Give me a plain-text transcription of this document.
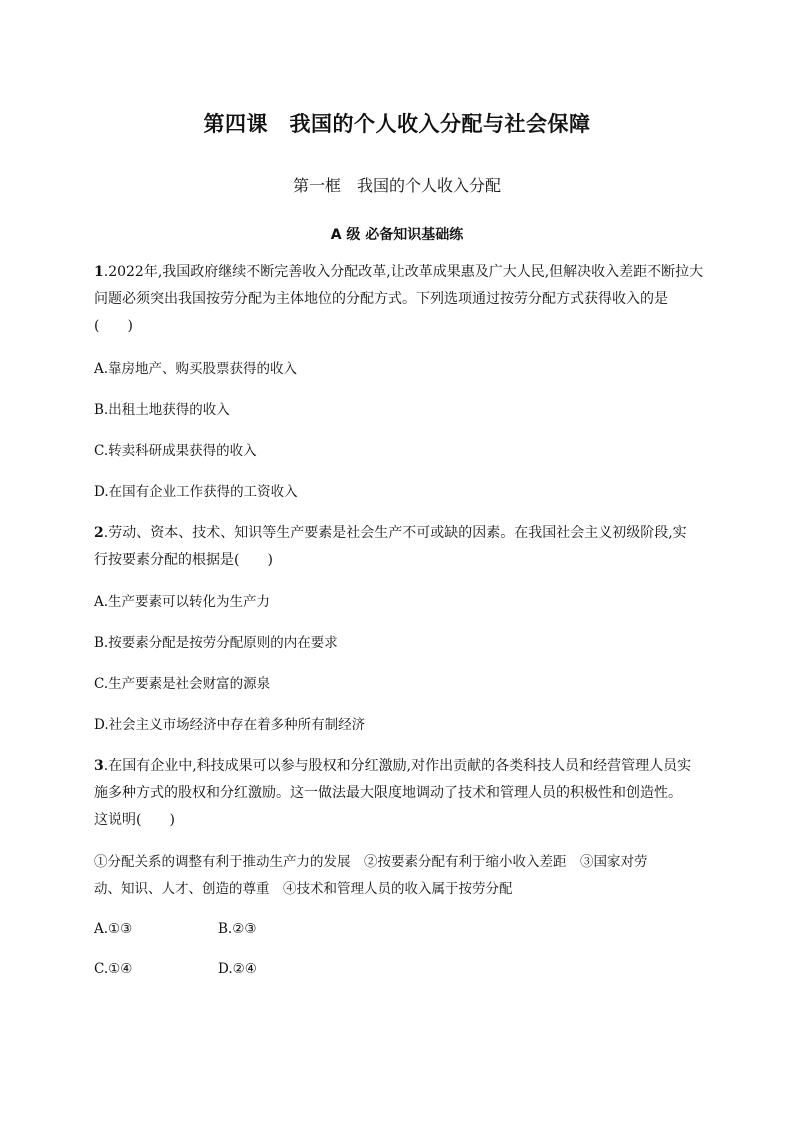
第四课　我国的个人收入分配与社会保障
第一框　我国的个人收入分配
A 级 必备知识基础练
1.2022年,我国政府继续不断完善收入分配改革,让改革成果惠及广大人民,但解决收入差距不断拉大
问题必须突出我国按劳分配为主体地位的分配方式。下列选项通过按劳分配方式获得收入的是
(　　)
A.靠房地产、购买股票获得的收入
B.出租土地获得的收入
C.转卖科研成果获得的收入
D.在国有企业工作获得的工资收入
2.劳动、资本、技术、知识等生产要素是社会生产不可或缺的因素。在我国社会主义初级阶段,实
行按要素分配的根据是(　　)
A.生产要素可以转化为生产力
B.按要素分配是按劳分配原则的内在要求
C.生产要素是社会财富的源泉
D.社会主义市场经济中存在着多种所有制经济
3.在国有企业中,科技成果可以参与股权和分红激励,对作出贡献的各类科技人员和经营管理人员实
施多种方式的股权和分红激励。这一做法最大限度地调动了技术和管理人员的积极性和创造性。
这说明(　　)
①分配关系的调整有利于推动生产力的发展　②按要素分配有利于缩小收入差距　③国家对劳
动、知识、人才、创造的尊重　④技术和管理人员的收入属于按劳分配
A.①③	B.②③
C.①④	D.②④
